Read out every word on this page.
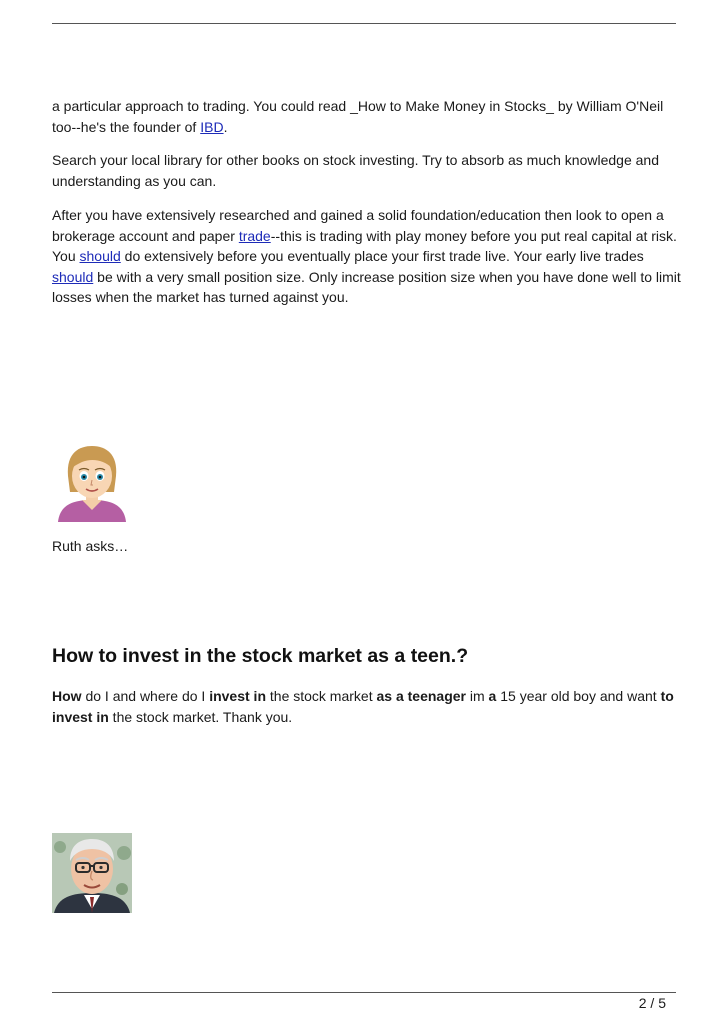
a particular approach to trading. You could read _How to Make Money in Stocks_ by William O'Neil too--he's the founder of IBD.

Search your local library for other books on stock investing. Try to absorb as much knowledge and understanding as you can.

After you have extensively researched and gained a solid foundation/education then look to open a brokerage account and paper trade--this is trading with play money before you put real capital at risk. You should do extensively before you eventually place your first trade live. Your early live trades should be with a very small position size. Only increase position size when you have done well to limit losses when the market has turned against you.

Ruth asks…

How to invest in the stock market as a teen.?

How do I and where do I invest in the stock market as a teenager im a 15 year old boy and want to invest in the stock market. Thank you.

2 / 5
